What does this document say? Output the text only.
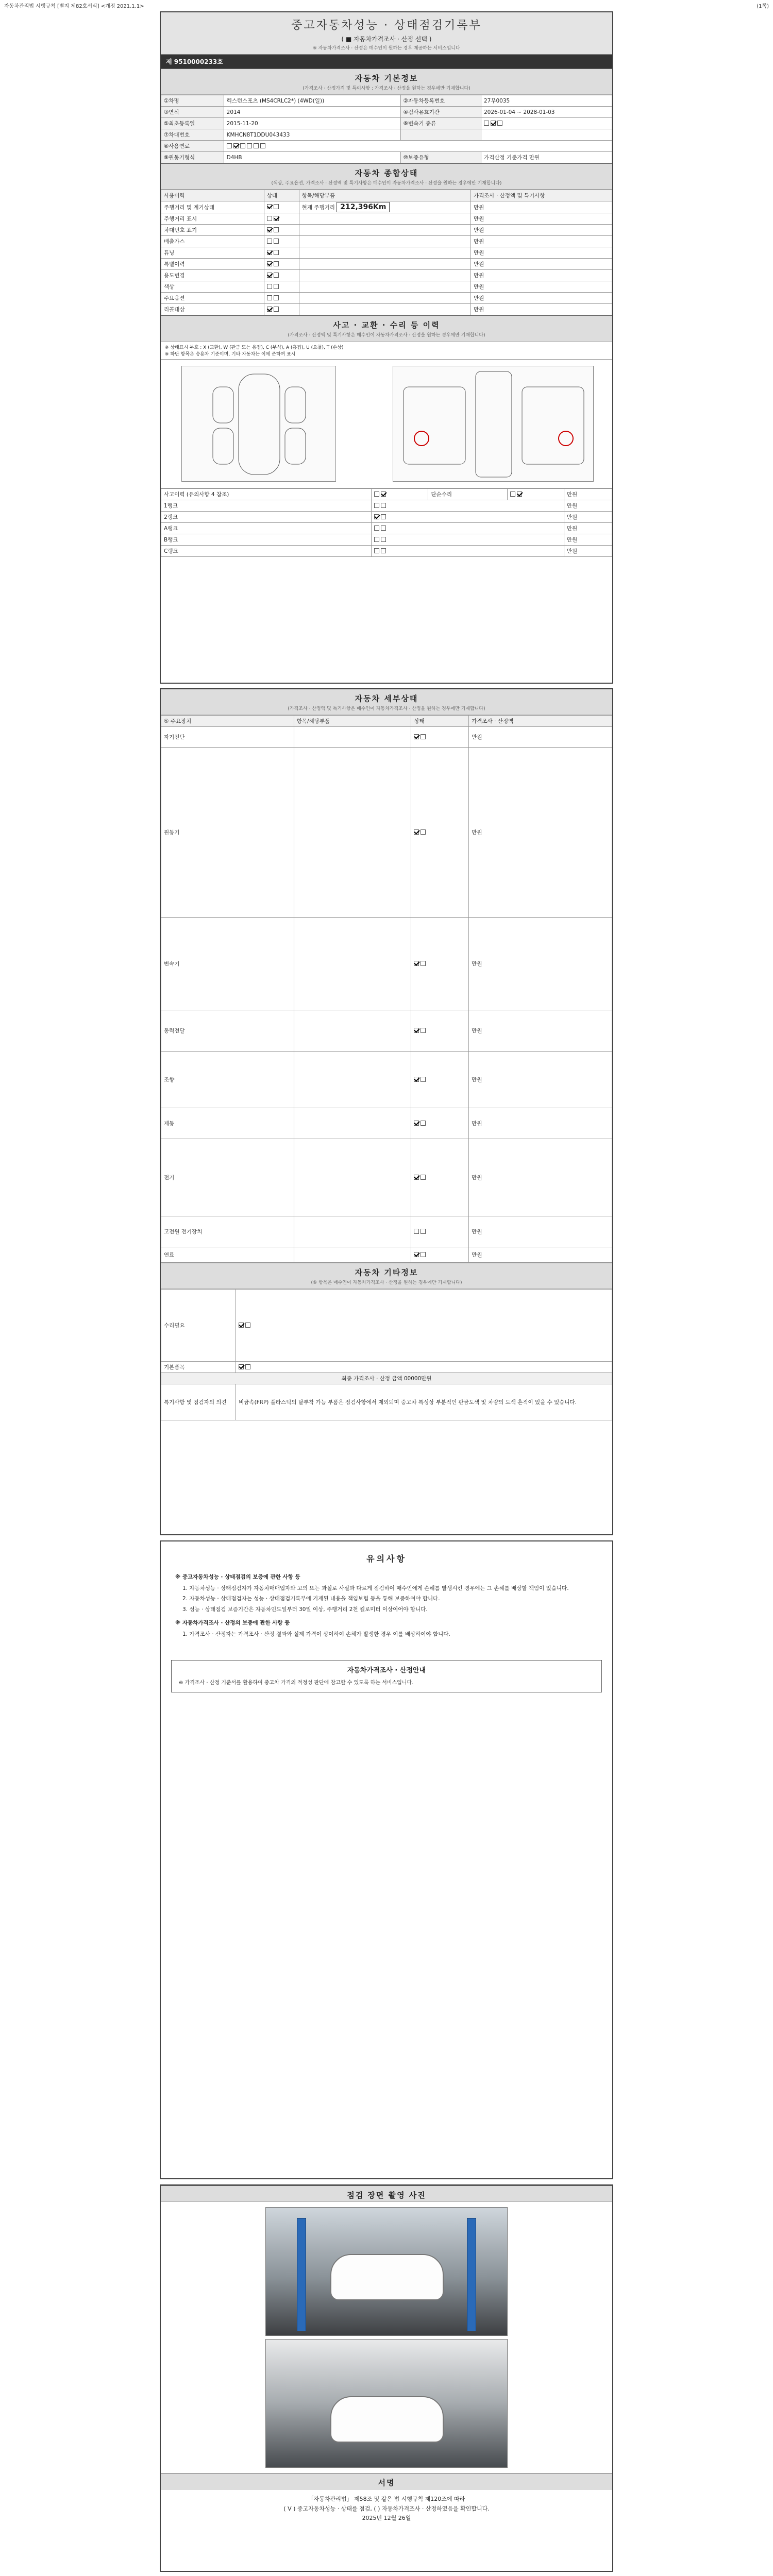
자동차관리법 시행규칙 [별지 제82호서식] <개정 2021.1.1>	(1쪽)
중고자동차성능 · 상태점검기록부
( ■ 자동차가격조사 · 산정 선택 )
※ 자동차가격조사 · 산정은 매수인이 원하는 경우 제공하는 서비스입니다
제 9510000233호
자동차 기본정보
(가격조사 · 산정가격 및 특이사항 : 가격조사 · 산정을 원하는 경우에만 기재합니다)
①차명	렉스턴스포츠 (MS4CRLC2*) (4WD(일))	②자동차등록번호	27무0035
③연식	2014	④검사유효기간	2026-01-04 ~ 2028-01-03
⑤최초등록일	2015-11-20	⑥변속기 종류	
⑦차대번호	KMHCN8T1DDU043433		
⑧사용연료			
⑨원동기형식	D4HB	⑩보증유형	가격산정 기준가격 만원
자동차 종합상태
(색상, 주요옵션, 가격조사 · 산정액 및 특기사항은 매수인이 자동차가격조사 · 산정을 원하는 경우에만 기재합니다)
사용이력	상태	항목/해당부품	가격조사 · 산정액 및 특기사항
주행거리 및 계기상태		현재 주행거리 212,396Km	만원
주행거리 표시			만원
차대번호 표기			만원
배출가스			만원
튜닝			만원
특별이력			만원
용도변경			만원
색상			만원
주요옵션			만원
리콜대상			만원
사고 · 교환 · 수리 등 이력
(가격조사 · 산정액 및 특기사항은 매수인이 자동차가격조사 · 산정을 원하는 경우에만 기재합니다)
※ 상태표시 부호 : X (교환), W (판금 또는 용접), C (부식), A (흠집), U (요철), T (손상)
※ 하단 항목은 승용차 기준이며, 기타 자동차는 이에 준하여 표시
사고이력 (유의사항 4 참조)		단순수리		만원
1랭크				만원
2랭크				만원
A랭크				만원
B랭크				만원
C랭크				만원
자동차 세부상태
(가격조사 · 산정액 및 특기사항은 매수인이 자동차가격조사 · 산정을 원하는 경우에만 기재합니다)
⑤ 주요장치	항목/해당부품	상태	가격조사 · 산정액
자기진단			만원
원동기			만원
변속기			만원
동력전달			만원
조향			만원
제동			만원
전기			만원
고전원 전기장치			만원
연료			만원
자동차 기타정보
(⑥ 항목은 매수인이 자동차가격조사 · 산정을 원하는 경우에만 기재합니다)
수리필요	
기본품목	
최종 가격조사 · 산정 금액 00000만원	
특기사항 및 점검자의 의견	비금속(FRP) 플라스틱의 탈부착 가능 부품은 점검사항에서 제외되며 중고차 특성상 부분적인 판금도색 및 차량의 도색 흔적이 있을 수 있습니다.
유의사항
※ 중고자동차성능 · 상태점검의 보증에 관한 사항 등

1. 자동차성능 · 상태점검자가 자동차매매업자와 고의 또는 과실로 사실과 다르게 점검하여 매수인에게 손해를 발생시킨 경우에는 그 손해를 배상할 책임이 있습니다.

2. 자동차성능 · 상태점검자는 성능 · 상태점검기록부에 기재된 내용을 책임보험 등을 통해 보증하여야 합니다.

3. 성능 · 상태점검 보증기간은 자동차인도일부터 30일 이상, 주행거리 2천 킬로미터 이상이어야 합니다.

※ 자동차가격조사 · 산정의 보증에 관한 사항 등

1. 가격조사 · 산정자는 가격조사 · 산정 결과와 실제 가격이 상이하여 손해가 발생한 경우 이를 배상하여야 합니다.

자동차가격조사 · 산정안내
※ 가격조사 · 산정 기준서를 활용하여 중고차 가격의 적정성 판단에 참고할 수 있도록 하는 서비스입니다.
점검 장면 촬영 사진
서명
「자동차관리법」 제58조 및 같은 법 시행규칙 제120조에 따라
( V ) 중고자동차성능 · 상태를 점검, ( ) 자동차가격조사 · 산정하였음을 확인합니다.
2025년 12월 26일
